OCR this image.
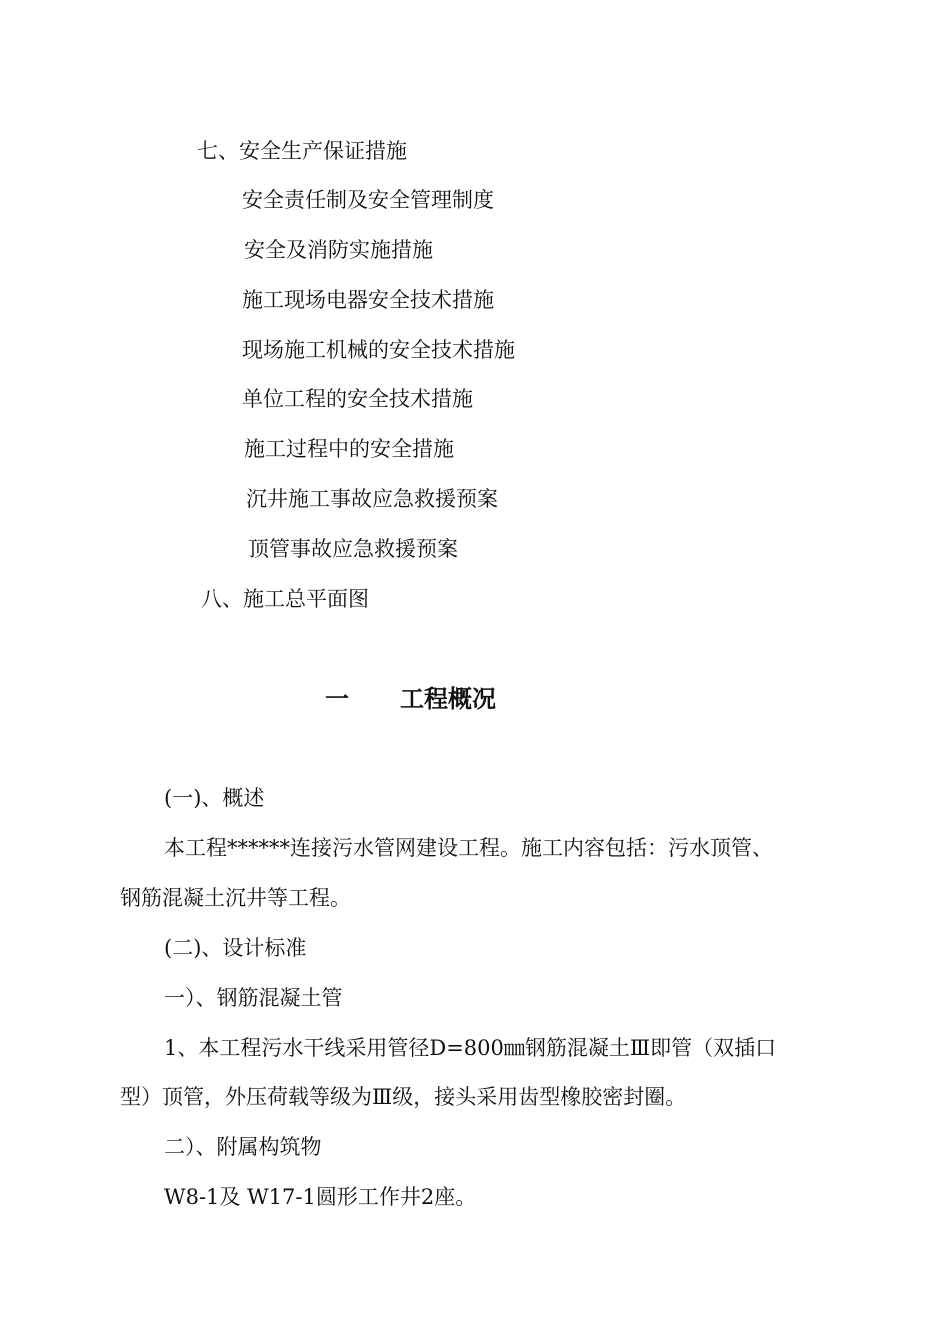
七、安全生产保证措施
安全责任制及安全管理制度
安全及消防实施措施
施工现场电器安全技术措施
现场施工机械的安全技术措施
单位工程的安全技术措施
施工过程中的安全措施
沉井施工事故应急救援预案
顶管事故应急救援预案
八、施工总平面图
一 工程概况
(一)、概述
本工程******连接污水管网建设工程。施工内容包括：污水顶管、
钢筋混凝土沉井等工程。
(二)、设计标准
一）、钢筋混凝土管
1、本工程污水干线采用管径D=800㎜钢筋混凝土Ⅲ即管（双插口
型）顶管，外压荷载等级为Ⅲ级，接头采用齿型橡胶密封圈。
二）、附属构筑物
W8-1及 W17-1圆形工作井2座。
